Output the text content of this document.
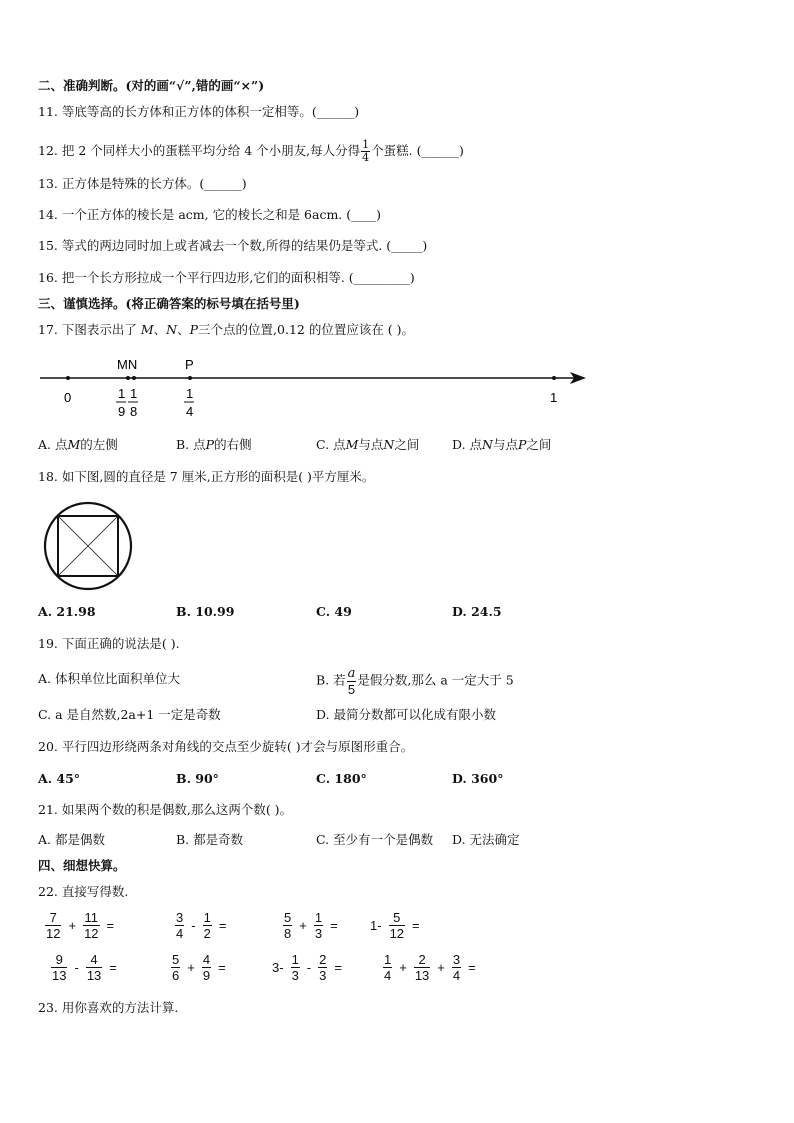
二、准确判断。(对的画“√”,错的画“×”)
11. 等底等高的长方体和正方体的体积一定相等。(______)
12. 把 2 个同样大小的蛋糕平均分给 4 个小朋友,每人分得 $\frac{1}{4}$ 个蛋糕. (______)
13. 正方体是特殊的长方体。(______)
14. 一个正方体的棱长是 acm, 它的棱长之和是 6acm. (____)
15. 等式的两边同时加上或者减去一个数,所得的结果仍是等式. (_____)
16. 把一个长方形拉成一个平行四边形,它们的面积相等. (_________)
三、谨慎选择。(将正确答案的标号填在括号里)
17. 下图表示出了 M、N、P三个点的位置,0.12 的位置应该在 ( )。
MN	P
0	1
1
9
1
8
1
4
A. 点M的左侧	B. 点P的右侧	C. 点M与点N之间	D. 点N与点P之间
18. 如下图,圆的直径是 7 厘米,正方形的面积是( )平方厘米。
A. 21.98	B. 10.99	C. 49	D. 24.5
19. 下面正确的说法是( ).
A. 体积单位比面积单位大	B. 若 $\frac{a}{5}$ 是假分数,那么 a 一定大于 5
C. a 是自然数,2a+1 一定是奇数	D. 最简分数都可以化成有限小数
20. 平行四边形绕两条对角线的交点至少旋转( )才会与原图形重合。
A. 45°	B. 90°	C. 180°	D. 360°
21. 如果两个数的积是偶数,那么这两个数( )。
A. 都是偶数	B. 都是奇数	C. 至少有一个是偶数 D. 无法确定
四、细想快算。
22. 直接写得数.
$\frac{7}{12} + \frac{11}{12}$ =	$\frac{3}{4} - \frac{1}{2}$ =	$\frac{5}{8} + \frac{1}{3}$ =	$1- \frac{5}{12}$ =
$\frac{9}{13} - \frac{4}{13}$ =	$\frac{5}{6} + \frac{4}{9}$ =	$3- \frac{1}{3} - \frac{2}{3}$ =	$\frac{1}{4} + \frac{2}{13} + \frac{3}{4}$ =
23. 用你喜欢的方法计算.
